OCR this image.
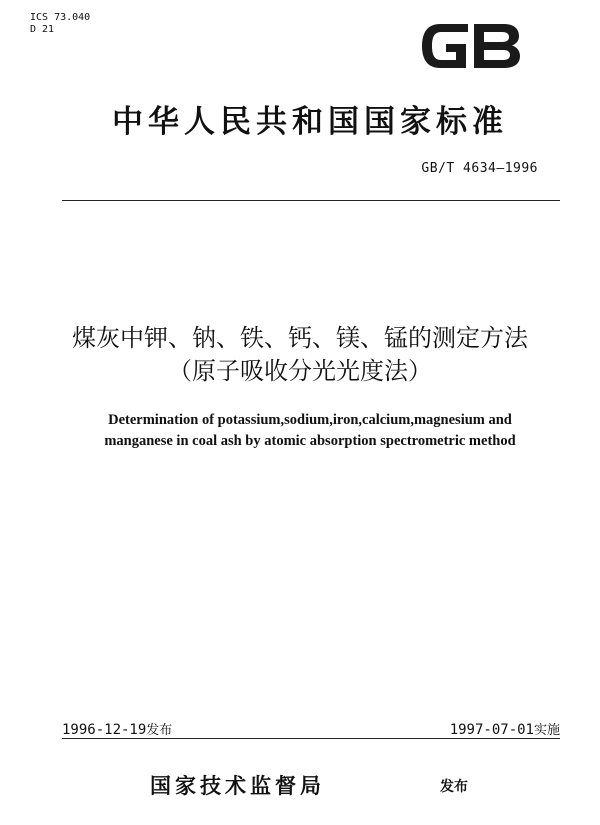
ICS 73.040
D 21
中华人民共和国国家标准
GB/T 4634—1996
煤灰中钾、钠、铁、钙、镁、锰的测定方法
（原子吸收分光光度法）
Determination of potassium,sodium,iron,calcium,magnesium and
manganese in coal ash by atomic absorption spectrometric method
1996-12-19发布	1997-07-01实施
国家技术监督局	发布
